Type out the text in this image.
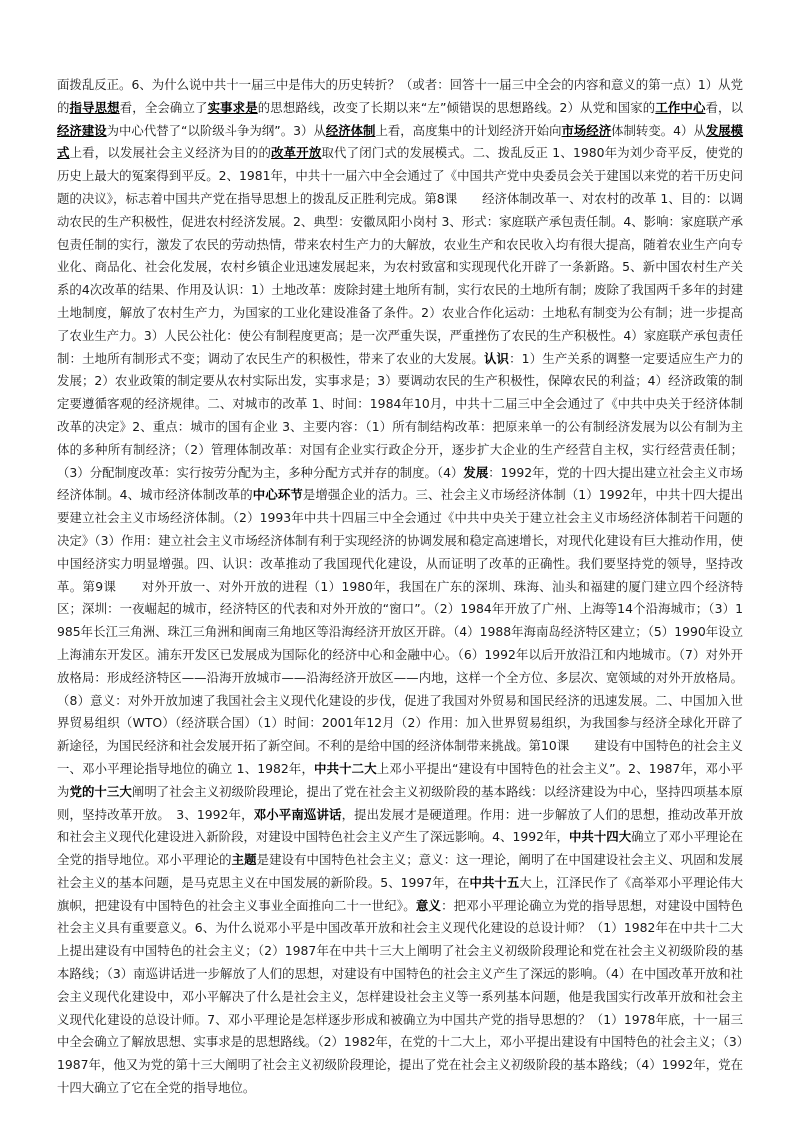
面拨乱反正。6、为什么说中共十一届三中是伟大的历史转折？（或者：回答十一届三中全会的内容和意义的第一点）1）从党的指导思想看，全会确立了实事求是的思想路线，改变了长期以来“左”倾错误的思想路线。2）从党和国家的工作中心看，以经济建设为中心代替了“以阶级斗争为纲”。3）从经济体制上看，高度集中的计划经济开始向市场经济体制转变。4）从发展模式上看，以发展社会主义经济为目的的改革开放取代了闭门式的发展模式。二、拨乱反正 1、1980年为刘少奇平反，使党的历史上最大的冤案得到平反。2、1981年，中共十一届六中全会通过了《中国共产党中央委员会关于建国以来党的若干历史问题的决议》，标志着中国共产党在指导思想上的拨乱反正胜利完成。第8课　　经济体制改革一、对农村的改革 1、目的：以调动农民的生产积极性，促进农村经济发展。2、典型：安徽凤阳小岗村 3、形式：家庭联产承包责任制。4、影响：家庭联产承包责任制的实行，激发了农民的劳动热情，带来农村生产力的大解放，农业生产和农民收入均有很大提高，随着农业生产向专业化、商品化、社会化发展，农村乡镇企业迅速发展起来，为农村致富和实现现代化开辟了一条新路。5、新中国农村生产关系的4次改革的结果、作用及认识：1）土地改革：废除封建土地所有制，实行农民的土地所有制；废除了我国两千多年的封建土地制度，解放了农村生产力，为国家的工业化建设准备了条件。2）农业合作化运动：土地私有制变为公有制；进一步提高了农业生产力。3）人民公社化：使公有制程度更高；是一次严重失误，严重挫伤了农民的生产积极性。4）家庭联产承包责任制：土地所有制形式不变；调动了农民生产的积极性，带来了农业的大发展。认识：1）生产关系的调整一定要适应生产力的发展；2）农业政策的制定要从农村实际出发，实事求是；3）要调动农民的生产积极性，保障农民的利益；4）经济政策的制定要遵循客观的经济规律。二、对城市的改革 1、时间：1984年10月，中共十二届三中全会通过了《中共中央关于经济体制改革的决定》2、重点：城市的国有企业 3、主要内容：（1）所有制结构改革：把原来单一的公有制经济发展为以公有制为主体的多种所有制经济；（2）管理体制改革：对国有企业实行政企分开，逐步扩大企业的生产经营自主权，实行经营责任制；（3）分配制度改革：实行按劳分配为主，多种分配方式并存的制度。（4）发展：1992年，党的十四大提出建立社会主义市场经济体制。4、城市经济体制改革的中心环节是增强企业的活力。三、社会主义市场经济体制（1）1992年，中共十四大提出要建立社会主义市场经济体制。（2）1993年中共十四届三中全会通过《中共中央关于建立社会主义市场经济体制若干问题的决定》（3）作用：建立社会主义市场经济体制有利于实现经济的协调发展和稳定高速增长，对现代化建设有巨大推动作用，使中国经济实力明显增强。四、认识：改革推动了我国现代化建设，从而证明了改革的正确性。我们要坚持党的领导，坚持改革。第9课　　对外开放一、对外开放的进程（1）1980年，我国在广东的深圳、珠海、汕头和福建的厦门建立四个经济特区；深圳：一夜崛起的城市，经济特区的代表和对外开放的“窗口”。（2）1984年开放了广州、上海等14个沿海城市；（3）1985年长江三角洲、珠江三角洲和闽南三角地区等沿海经济开放区开辟。（4）1988年海南岛经济特区建立；（5）1990年设立上海浦东开发区。浦东开发区已发展成为国际化的经济中心和金融中心。（6）1992年以后开放沿江和内地城市。（7）对外开放格局：形成经济特区——沿海开放城市——沿海经济开放区——内地，这样一个全方位、多层次、宽领域的对外开放格局。（8）意义：对外开放加速了我国社会主义现代化建设的步伐，促进了我国对外贸易和国民经济的迅速发展。二、中国加入世界贸易组织（WTO）（经济联合国）（1）时间：2001年12月（2）作用：加入世界贸易组织，为我国参与经济全球化开辟了新途径，为国民经济和社会发展开拓了新空间。不利的是给中国的经济体制带来挑战。第10课　　建设有中国特色的社会主义一、邓小平理论指导地位的确立 1、1982年，中共十二大上邓小平提出“建设有中国特色的社会主义”。2、1987年，邓小平为党的十三大阐明了社会主义初级阶段理论，提出了党在社会主义初级阶段的基本路线：以经济建设为中心，坚持四项基本原则，坚持改革开放。　3、1992年，邓小平南巡讲话，提出发展才是硬道理。作用：进一步解放了人们的思想，推动改革开放和社会主义现代化建设进入新阶段，对建设中国特色社会主义产生了深远影响。4、1992年，中共十四大确立了邓小平理论在全党的指导地位。邓小平理论的主题是建设有中国特色社会主义；意义：这一理论，阐明了在中国建设社会主义、巩固和发展社会主义的基本问题，是马克思主义在中国发展的新阶段。5、1997年，在中共十五大上，江泽民作了《高举邓小平理论伟大旗帜，把建设有中国特色的社会主义事业全面推向二十一世纪》。意义：把邓小平理论确立为党的指导思想，对建设中国特色社会主义具有重要意义。6、为什么说邓小平是中国改革开放和社会主义现代化建设的总设计师？（1）1982年在中共十二大上提出建设有中国特色的社会主义；（2）1987年在中共十三大上阐明了社会主义初级阶段理论和党在社会主义初级阶段的基本路线；（3）南巡讲话进一步解放了人们的思想，对建设有中国特色的社会主义产生了深远的影响。（4）在中国改革开放和社会主义现代化建设中，邓小平解决了什么是社会主义，怎样建设社会主义等一系列基本问题，他是我国实行改革开放和社会主义现代化建设的总设计师。7、邓小平理论是怎样逐步形成和被确立为中国共产党的指导思想的？（1）1978年底，十一届三中全会确立了解放思想、实事求是的思想路线。（2）1982年，在党的十二大上，邓小平提出建设有中国特色的社会主义；（3）1987年，他又为党的第十三大阐明了社会主义初级阶段理论，提出了党在社会主义初级阶段的基本路线；（4）1992年，党在十四大确立了它在全党的指导地位。
